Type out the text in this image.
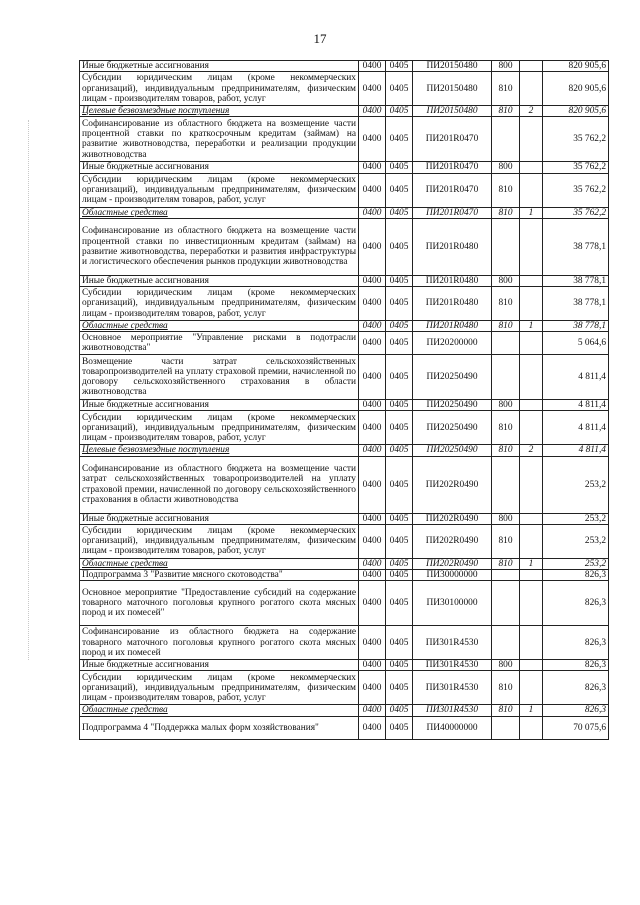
17
Иные бюджетные ассигнования	0400	0405	ПИ20150480	800		820 905,6
Субсидии юридическим лицам (кроме некоммерческих организаций), индивидуальным предпринимателям, физическим лицам - производителям товаров, работ, услуг	0400	0405	ПИ20150480	810		820 905,6
Целевые безвозмездные поступления	0400	0405	ПИ20150480	810	2	820 905,6
Софинансирование из областного бюджета на возмещение части процентной ставки по краткосрочным кредитам (займам) на развитие животноводства, переработки и реализации продукции животноводства	0400	0405	ПИ201R0470			35 762,2
Иные бюджетные ассигнования	0400	0405	ПИ201R0470	800		35 762,2
Субсидии юридическим лицам (кроме некоммерческих организаций), индивидуальным предпринимателям, физическим лицам - производителям товаров, работ, услуг	0400	0405	ПИ201R0470	810		35 762,2
Областные средства	0400	0405	ПИ201R0470	810	1	35 762,2
Софинансирование из областного бюджета на возмещение части процентной ставки по инвестиционным кредитам (займам) на развитие животноводства, переработки и развития инфраструктуры и логистического обеспечения рынков продукции животноводства	0400	0405	ПИ201R0480			38 778,1
Иные бюджетные ассигнования	0400	0405	ПИ201R0480	800		38 778,1
Субсидии юридическим лицам (кроме некоммерческих организаций), индивидуальным предпринимателям, физическим лицам - производителям товаров, работ, услуг	0400	0405	ПИ201R0480	810		38 778,1
Областные средства	0400	0405	ПИ201R0480	810	1	38 778,1
Основное мероприятие "Управление рисками в подотрасли животноводства"	0400	0405	ПИ20200000			5 064,6
Возмещение части затрат сельскохозяйственных товаропроизводителей на уплату страховой премии, начисленной по договору сельскохозяйственного страхования в области животноводства	0400	0405	ПИ20250490			4 811,4
Иные бюджетные ассигнования	0400	0405	ПИ20250490	800		4 811,4
Субсидии юридическим лицам (кроме некоммерческих организаций), индивидуальным предпринимателям, физическим лицам - производителям товаров, работ, услуг	0400	0405	ПИ20250490	810		4 811,4
Целевые безвозмездные поступления	0400	0405	ПИ20250490	810	2	4 811,4
Софинансирование из областного бюджета на возмещение части затрат сельскохозяйственных товаропроизводителей на уплату страховой премии, начисленной по договору сельскохозяйственного страхования в области животноводства	0400	0405	ПИ202R0490			253,2
Иные бюджетные ассигнования	0400	0405	ПИ202R0490	800		253,2
Субсидии юридическим лицам (кроме некоммерческих организаций), индивидуальным предпринимателям, физическим лицам - производителям товаров, работ, услуг	0400	0405	ПИ202R0490	810		253,2
Областные средства	0400	0405	ПИ202R0490	810	1	253,2
Подпрограмма 3 "Развитие мясного скотоводства"	0400	0405	ПИ30000000			826,3
Основное мероприятие "Предоставление субсидий на содержание товарного маточного поголовья крупного рогатого скота мясных пород и их помесей"	0400	0405	ПИ30100000			826,3
Софинансирование из областного бюджета на содержание товарного маточного поголовья крупного рогатого скота мясных пород и их помесей	0400	0405	ПИ301R4530			826,3
Иные бюджетные ассигнования	0400	0405	ПИ301R4530	800		826,3
Субсидии юридическим лицам (кроме некоммерческих организаций), индивидуальным предпринимателям, физическим лицам - производителям товаров, работ, услуг	0400	0405	ПИ301R4530	810		826,3
Областные средства	0400	0405	ПИ301R4530	810	1	826,3
Подпрограмма 4 "Поддержка малых форм хозяйствования"	0400	0405	ПИ40000000			70 075,6
